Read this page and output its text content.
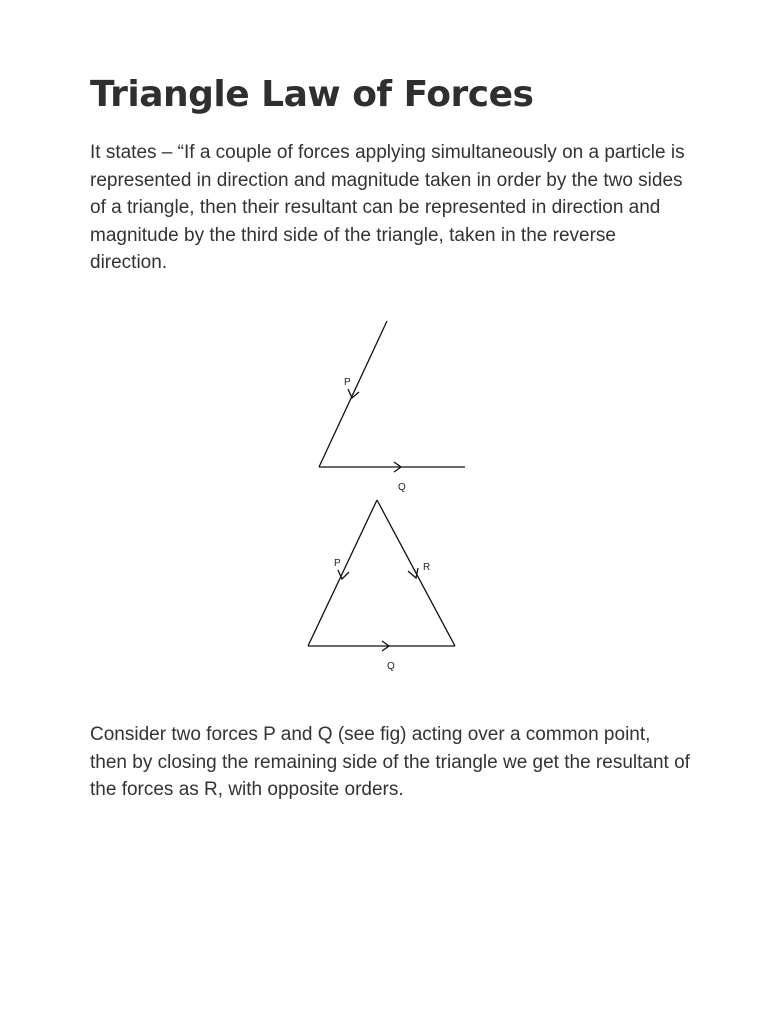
Triangle Law of Forces

It states – “If a couple of forces applying simultaneously on a particle is represented in direction and magnitude taken in order by the two sides of a triangle, then their resultant can be represented in direction and magnitude by the third side of the triangle, taken in the reverse direction.

P
Q
P	R
Q

Consider two forces P and Q (see fig) acting over a common point, then by closing the remaining side of the triangle we get the resultant of the forces as R, with opposite orders.
